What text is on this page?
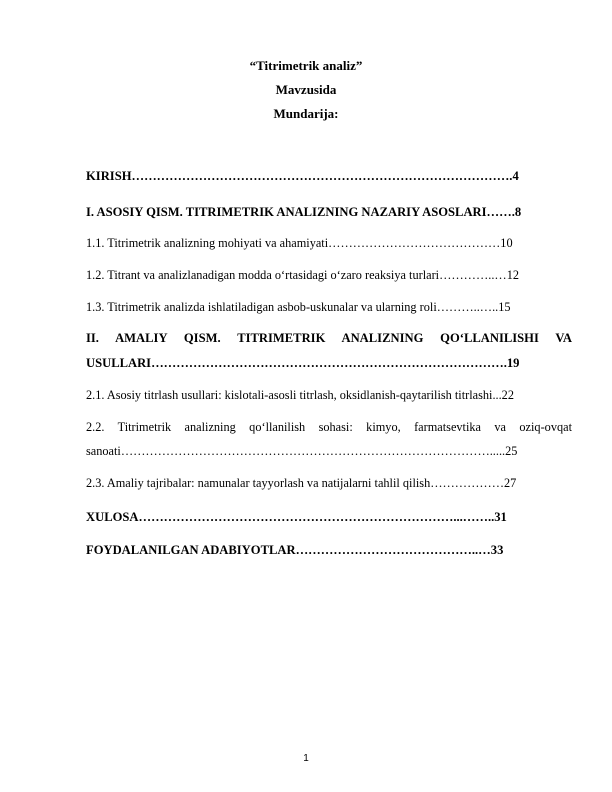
“Titrimetrik analiz”
Mavzusida
Mundarija:
KIRISH……………………………………………………………………………….4
I. ASOSIY QISM. TITRIMETRIK ANALIZNING NAZARIY ASOSLARI…….8
1.1. Titrimetrik analizning mohiyati va ahamiyati……………………………………10
1.2. Titrant va analizlanadigan modda o‘rtasidagi o‘zaro reaksiya turlari…………..…12
1.3. Titrimetrik analizda ishlatiladigan asbob-uskunalar va ularning roli………..…..15
II. AMALIY QISM. TITRIMETRIK ANALIZNING QO‘LLANILISHI VA
USULLARI………………………………………………………………………….19
2.1. Asosiy titrlash usullari: kislotali-asosli titrlash, oksidlanish-qaytarilish titrlashi...22
2.2. Titrimetrik analizning qo‘llanilish sohasi: kimyo, farmatsevtika va oziq-ovqat
sanoati……………………………………………………………………………….....25
2.3. Amaliy tajribalar: namunalar tayyorlash va natijalarni tahlil qilish………………27
XULOSA…………………………………………………………………...……..31
FOYDALANILGAN ADABIYOTLAR……………………………………..…33
1
